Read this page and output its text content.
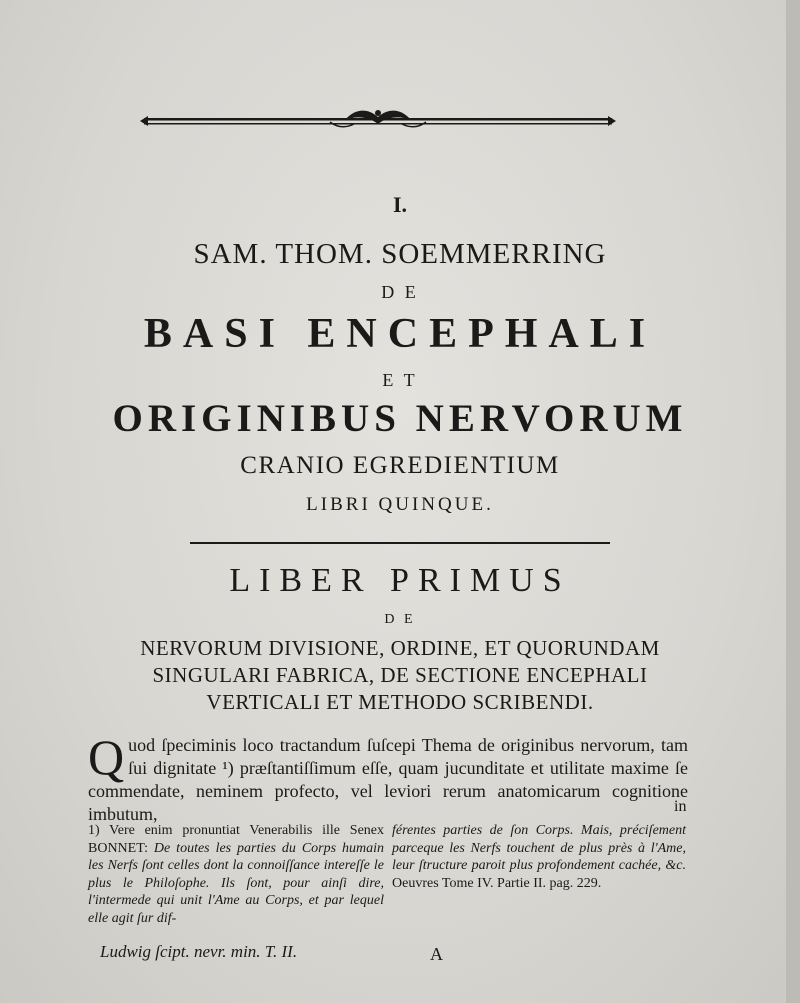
I.
SAM. THOM. SOEMMERRING
D E
BASI ENCEPHALI
E T
ORIGINIBUS NERVORUM
CRANIO EGREDIENTIUM
LIBRI QUINQUE.
LIBER PRIMUS
D E
NERVORUM DIVISIONE, ORDINE, ET QUORUNDAM
SINGULARI FABRICA, DE SECTIONE ENCEPHALI
VERTICALI ET METHODO SCRIBENDI.
Quod ſpeciminis loco tractandum ſuſcepi Thema de originibus nervorum, tam ſui dignitate ¹) præſtantiſſimum eſſe, quam jucunditate et utilitate maxime ſe commendate, neminem profecto, vel leviori rerum anatomicarum cognitione imbutum,	in
1) Vere enim pronuntiat Venerabilis ille Senex BONNET: De toutes les parties du Corps humain les Nerfs ſont celles dont la connoiſſance intereſſe le plus le Philoſophe. Ils ſont, pour ainſi dire, l'intermede qui unit l'Ame au Corps, et par lequel elle agit ſur dif-
férentes parties de ſon Corps. Mais, préciſement parceque les Nerfs touchent de plus près à l'Ame, leur ſtructure paroit plus profondement cachée, &c. Oeuvres Tome IV. Partie II. pag. 229.
Ludwig ſcipt. nevr. min. T. II.	A
